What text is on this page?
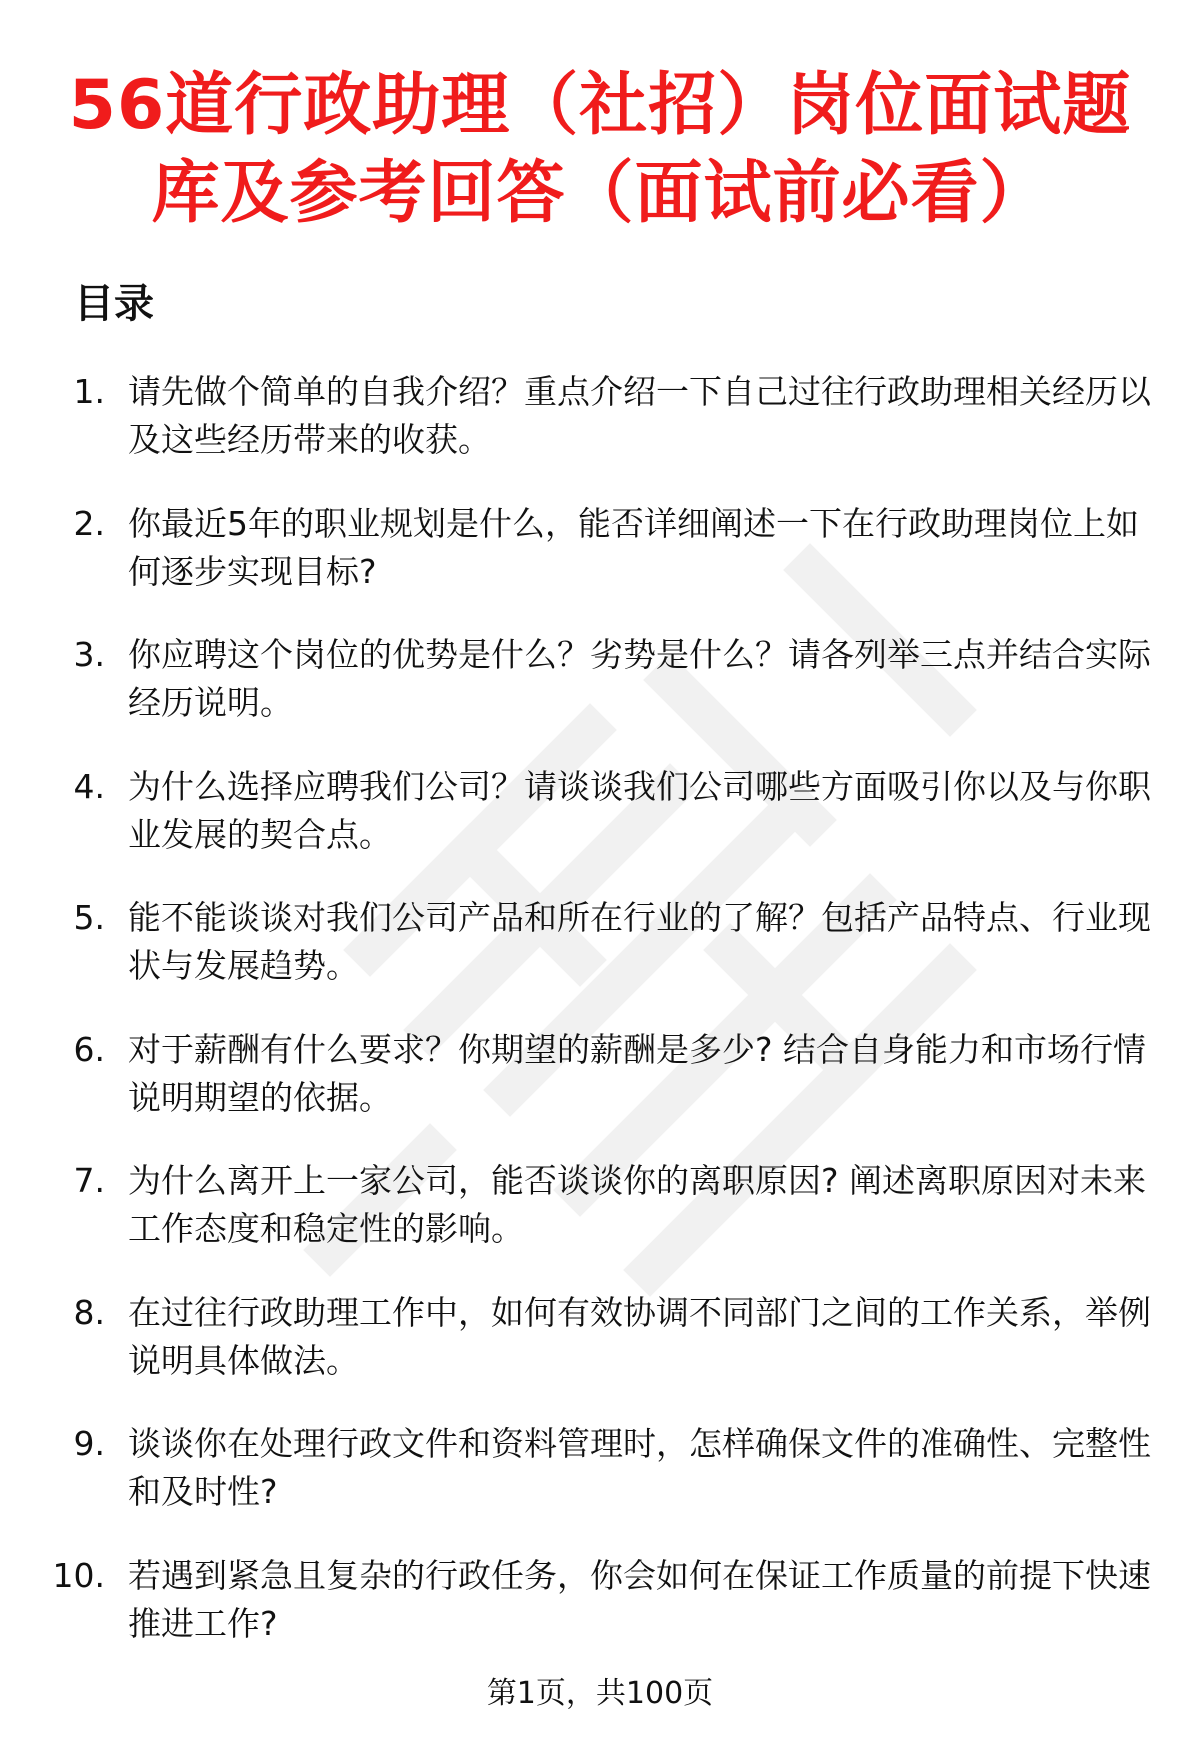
56道行政助理（社招）岗位面试题
库及参考回答（面试前必看）
目录
1. 请先做个简单的自我介绍？重点介绍一下自己过往行政助理相关经历以及这些经历带来的收获。
2. 你最近5年的职业规划是什么，能否详细阐述一下在行政助理岗位上如何逐步实现目标?
3. 你应聘这个岗位的优势是什么？劣势是什么？请各列举三点并结合实际经历说明。
4. 为什么选择应聘我们公司？请谈谈我们公司哪些方面吸引你以及与你职业发展的契合点。
5. 能不能谈谈对我们公司产品和所在行业的了解？包括产品特点、行业现状与发展趋势。
6. 对于薪酬有什么要求？你期望的薪酬是多少? 结合自身能力和市场行情说明期望的依据。
7. 为什么离开上一家公司，能否谈谈你的离职原因? 阐述离职原因对未来工作态度和稳定性的影响。
8. 在过往行政助理工作中，如何有效协调不同部门之间的工作关系，举例说明具体做法。
9. 谈谈你在处理行政文件和资料管理时，怎样确保文件的准确性、完整性和及时性?
10. 若遇到紧急且复杂的行政任务，你会如何在保证工作质量的前提下快速推进工作?
第1页，共100页
